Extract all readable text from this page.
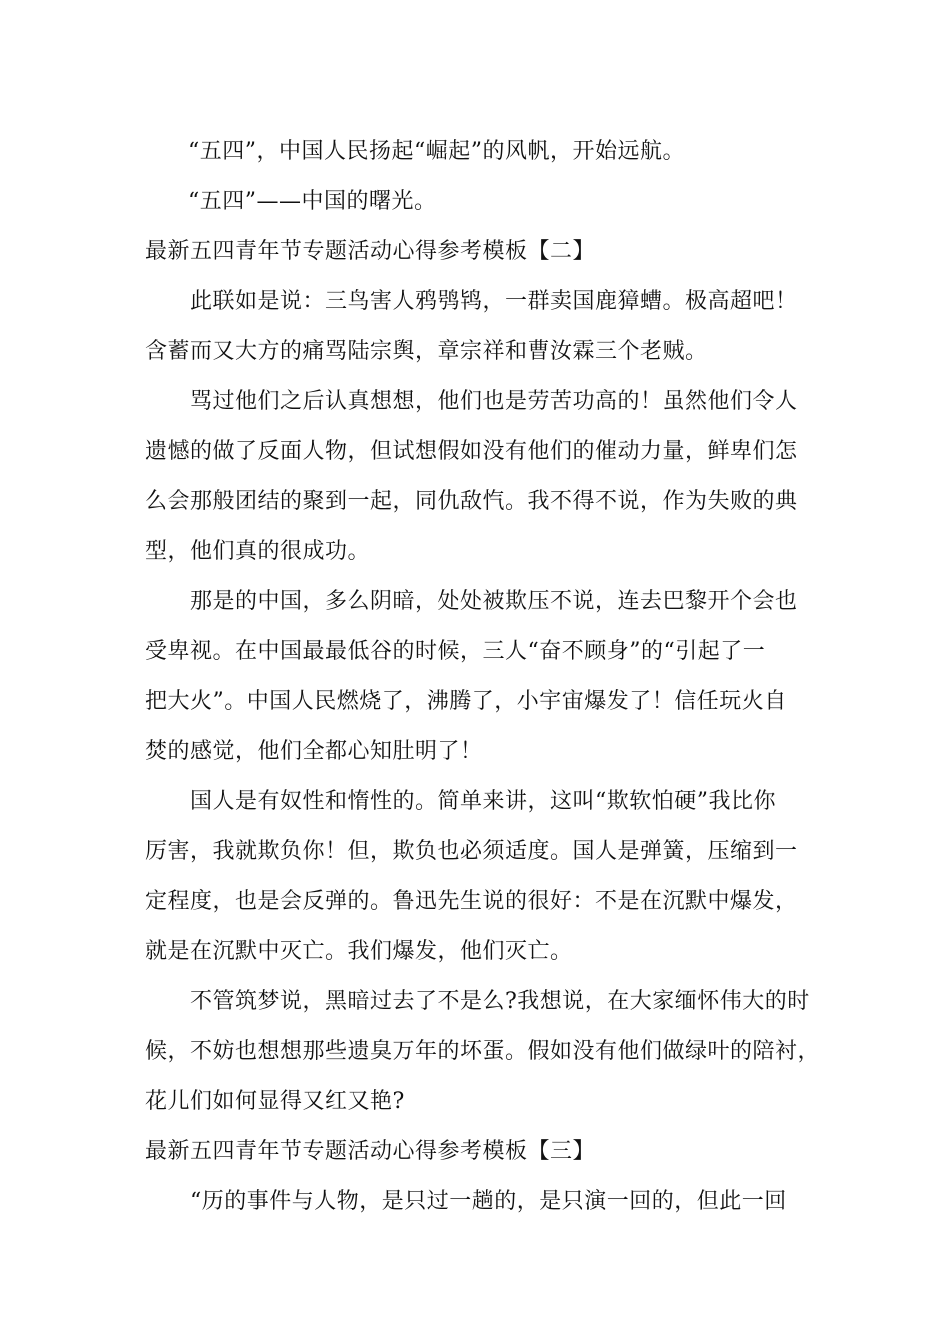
“五四”，中国人民扬起“崛起”的风帆，开始远航。
“五四”——中国的曙光。
最新五四青年节专题活动心得参考模板【二】
此联如是说：三鸟害人鸦鸮鸨，一群卖国鹿獐螬。极高超吧！
含蓄而又大方的痛骂陆宗舆，章宗祥和曹汝霖三个老贼。
骂过他们之后认真想想，他们也是劳苦功高的！虽然他们令人
遗憾的做了反面人物，但试想假如没有他们的催动力量，鲜卑们怎
么会那般团结的聚到一起，同仇敌忾。我不得不说，作为失败的典
型，他们真的很成功。
那是的中国，多么阴暗，处处被欺压不说，连去巴黎开个会也
受卑视。在中国最最低谷的时候，三人“奋不顾身”的“引起了一
把大火”。中国人民燃烧了，沸腾了，小宇宙爆发了！信任玩火自
焚的感觉，他们全都心知肚明了！
国人是有奴性和惰性的。简单来讲，这叫“欺软怕硬”我比你
厉害，我就欺负你！但，欺负也必须适度。国人是弹簧，压缩到一
定程度，也是会反弹的。鲁迅先生说的很好：不是在沉默中爆发，
就是在沉默中灭亡。我们爆发，他们灭亡。
不管筑梦说，黑暗过去了不是么?我想说，在大家缅怀伟大的时
候，不妨也想想那些遗臭万年的坏蛋。假如没有他们做绿叶的陪衬，
花儿们如何显得又红又艳?
最新五四青年节专题活动心得参考模板【三】
“历的事件与人物，是只过一趟的，是只演一回的，但此一回
